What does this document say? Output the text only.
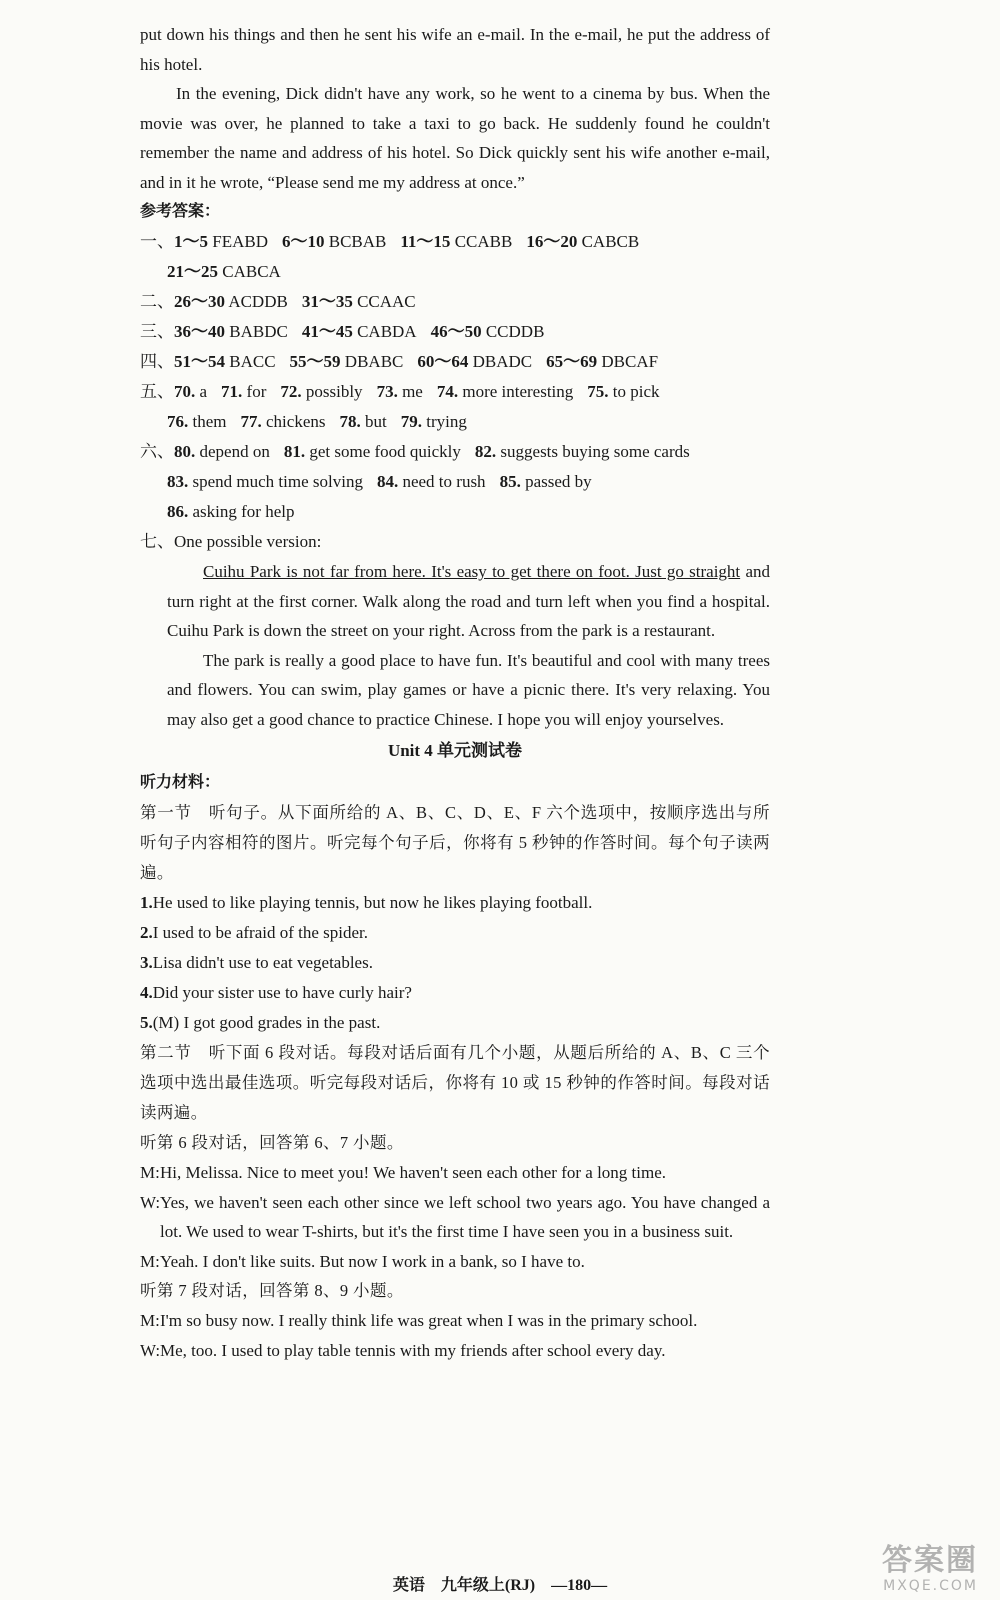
put down his things and then he sent his wife an e-mail. In the e-mail, he put the address of his hotel.

In the evening, Dick didn't have any work, so he went to a cinema by bus. When the movie was over, he planned to take a taxi to go back. He suddenly found he couldn't remember the name and address of his hotel. So Dick quickly sent his wife another e-mail, and in it he wrote, “Please send me my address at once.”

参考答案：
一、1～5 FEABD 6～10 BCBAB 11～15 CCABB 16～20 CABCB
21～25 CABCA
二、26～30 ACDDB 31～35 CCAAC
三、36～40 BABDC 41～45 CABDA 46～50 CCDDB
四、51～54 BACC 55～59 DBABC 60～64 DBADC 65～69 DBCAF
五、70. a 71. for 72. possibly 73. me 74. more interesting 75. to pick
76. them 77. chickens 78. but 79. trying
六、80. depend on 81. get some food quickly 82. suggests buying some cards
83. spend much time solving 84. need to rush 85. passed by
86. asking for help
七、One possible version:

Cuihu Park is not far from here. It's easy to get there on foot. Just go straight and turn right at the first corner. Walk along the road and turn left when you find a hospital. Cuihu Park is down the street on your right. Across from the park is a restaurant.

The park is really a good place to have fun. It's beautiful and cool with many trees and flowers. You can swim, play games or have a picnic there. It's very relaxing. You may also get a good chance to practice Chinese. I hope you will enjoy yourselves.

Unit 4 单元测试卷
听力材料：

第一节　听句子。从下面所给的 A、B、C、D、E、F 六个选项中，按顺序选出与所听句子内容相符的图片。听完每个句子后，你将有 5 秒钟的作答时间。每个句子读两遍。

1.He used to like playing tennis, but now he likes playing football.
2.I used to be afraid of the spider.
3.Lisa didn't use to eat vegetables.
4.Did your sister use to have curly hair?
5.(M) I got good grades in the past.

第二节　听下面 6 段对话。每段对话后面有几个小题，从题后所给的 A、B、C 三个选项中选出最佳选项。听完每段对话后，你将有 10 或 15 秒钟的作答时间。每段对话读两遍。

听第 6 段对话，回答第 6、7 小题。

M: Hi, Melissa. Nice to meet you! We haven't seen each other for a long time.
W: Yes, we haven't seen each other since we left school two years ago. You have changed a lot. We used to wear T-shirts, but it's the first time I have seen you in a business suit.
M: Yeah. I don't like suits. But now I work in a bank, so I have to.

听第 7 段对话，回答第 8、9 小题。

M: I'm so busy now. I really think life was great when I was in the primary school.
W: Me, too. I used to play table tennis with my friends after school every day.
英语 九年级上(RJ) —180—
答案圈
MXQE.COM
